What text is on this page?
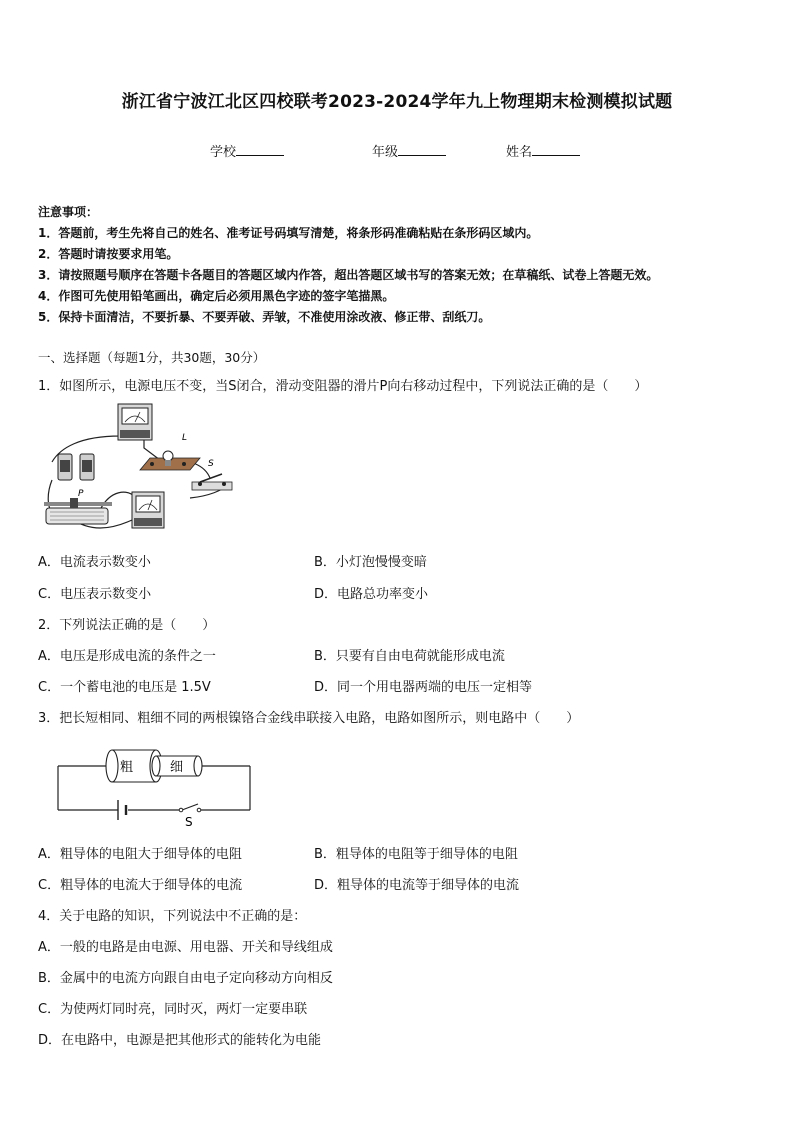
浙江省宁波江北区四校联考2023-2024学年九上物理期末检测模拟试题
学校	年级	姓名
注意事项：
1．答题前，考生先将自己的姓名、准考证号码填写清楚，将条形码准确粘贴在条形码区域内。
2．答题时请按要求用笔。
3．请按照题号顺序在答题卡各题目的答题区域内作答，超出答题区域书写的答案无效；在草稿纸、试卷上答题无效。
4．作图可先使用铅笔画出，确定后必须用黑色字迹的签字笔描黑。
5．保持卡面清洁，不要折暴、不要弄破、弄皱，不准使用涂改液、修正带、刮纸刀。
一、选择题（每题1分，共30题，30分）
1．如图所示，电源电压不变，当S闭合，滑动变阻器的滑片P向右移动过程中，下列说法正确的是（　　）
L
S
P
A．电流表示数变小	B．小灯泡慢慢变暗
C．电压表示数变小	D．电路总功率变小
2．下列说法正确的是（　　）
A．电压是形成电流的条件之一	B．只要有自由电荷就能形成电流
C．一个蓄电池的电压是 1.5V	D．同一个用电器两端的电压一定相等
3．把长短相同、粗细不同的两根镍铬合金线串联接入电路，电路如图所示，则电路中（　　）
S
粗	细
A．粗导体的电阻大于细导体的电阻	B．粗导体的电阻等于细导体的电阻
C．粗导体的电流大于细导体的电流	D．粗导体的电流等于细导体的电流
4．关于电路的知识，下列说法中不正确的是：
A．一般的电路是由电源、用电器、开关和导线组成
B．金属中的电流方向跟自由电子定向移动方向相反
C．为使两灯同时亮，同时灭，两灯一定要串联
D．在电路中，电源是把其他形式的能转化为电能
